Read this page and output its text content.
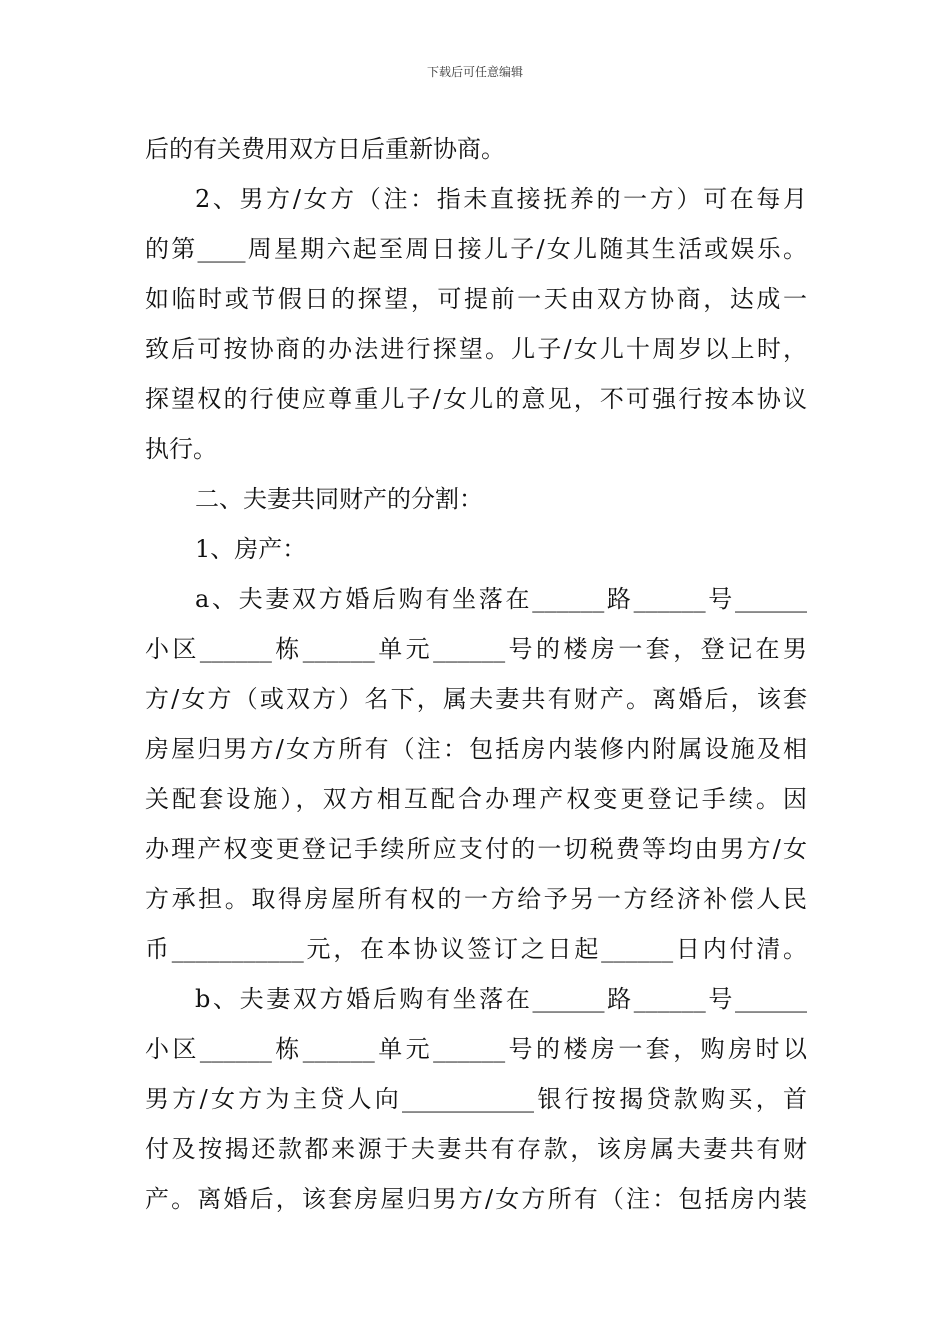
下载后可任意编辑
后的有关费用双方日后重新协商。
2、男方/女方（注：指未直接抚养的一方）可在每月
的第____周星期六起至周日接儿子/女儿随其生活或娱乐。
如临时或节假日的探望，可提前一天由双方协商，达成一
致后可按协商的办法进行探望。儿子/女儿十周岁以上时，
探望权的行使应尊重儿子/女儿的意见，不可强行按本协议
执行。
二、夫妻共同财产的分割：
1、房产：
a、夫妻双方婚后购有坐落在______路______号______
小区______栋______单元______号的楼房一套，登记在男
方/女方（或双方）名下，属夫妻共有财产。离婚后，该套
房屋归男方/女方所有（注：包括房内装修内附属设施及相
关配套设施），双方相互配合办理产权变更登记手续。因
办理产权变更登记手续所应支付的一切税费等均由男方/女
方承担。取得房屋所有权的一方给予另一方经济补偿人民
币___________元，在本协议签订之日起______日内付清。
b、夫妻双方婚后购有坐落在______路______号______
小区______栋______单元______号的楼房一套，购房时以
男方/女方为主贷人向___________银行按揭贷款购买，首
付及按揭还款都来源于夫妻共有存款，该房属夫妻共有财
产。离婚后，该套房屋归男方/女方所有（注：包括房内装
